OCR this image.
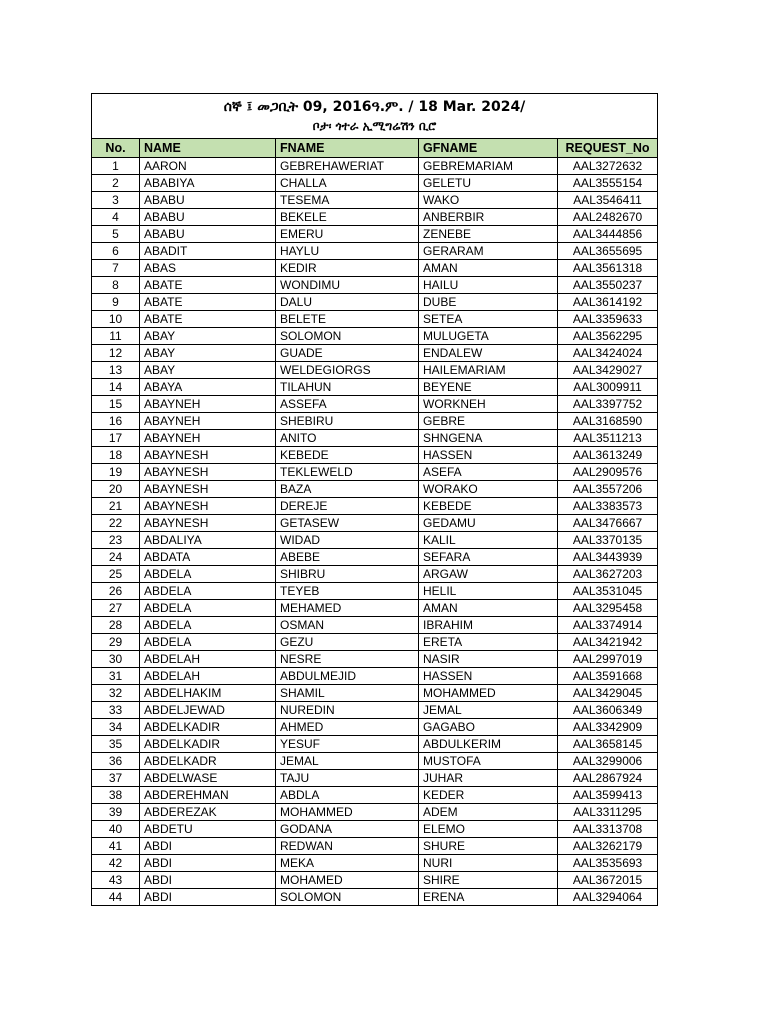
ሰኞ ፤ መጋቢት 09, 2016ዓ.ም. / 18 Mar. 2024/
ቦታ፡ ጎተራ ኢሚግሬሽን ቢሮ				

No.	NAME	FNAME	GFNAME	REQUEST_No
1	AARON	GEBREHAWERIAT	GEBREMARIAM	AAL3272632
2	ABABIYA	CHALLA	GELETU	AAL3555154
3	ABABU	TESEMA	WAKO	AAL3546411
4	ABABU	BEKELE	ANBERBIR	AAL2482670
5	ABABU	EMERU	ZENEBE	AAL3444856
6	ABADIT	HAYLU	GERARAM	AAL3655695
7	ABAS	KEDIR	AMAN	AAL3561318
8	ABATE	WONDIMU	HAILU	AAL3550237
9	ABATE	DALU	DUBE	AAL3614192
10	ABATE	BELETE	SETEA	AAL3359633
11	ABAY	SOLOMON	MULUGETA	AAL3562295
12	ABAY	GUADE	ENDALEW	AAL3424024
13	ABAY	WELDEGIORGS	HAILEMARIAM	AAL3429027
14	ABAYA	TILAHUN	BEYENE	AAL3009911
15	ABAYNEH	ASSEFA	WORKNEH	AAL3397752
16	ABAYNEH	SHEBIRU	GEBRE	AAL3168590
17	ABAYNEH	ANITO	SHNGENA	AAL3511213
18	ABAYNESH	KEBEDE	HASSEN	AAL3613249
19	ABAYNESH	TEKLEWELD	ASEFA	AAL2909576
20	ABAYNESH	BAZA	WORAKO	AAL3557206
21	ABAYNESH	DEREJE	KEBEDE	AAL3383573
22	ABAYNESH	GETASEW	GEDAMU	AAL3476667
23	ABDALIYA	WIDAD	KALIL	AAL3370135
24	ABDATA	ABEBE	SEFARA	AAL3443939
25	ABDELA	SHIBRU	ARGAW	AAL3627203
26	ABDELA	TEYEB	HELIL	AAL3531045
27	ABDELA	MEHAMED	AMAN	AAL3295458
28	ABDELA	OSMAN	IBRAHIM	AAL3374914
29	ABDELA	GEZU	ERETA	AAL3421942
30	ABDELAH	NESRE	NASIR	AAL2997019
31	ABDELAH	ABDULMEJID	HASSEN	AAL3591668
32	ABDELHAKIM	SHAMIL	MOHAMMED	AAL3429045
33	ABDELJEWAD	NUREDIN	JEMAL	AAL3606349
34	ABDELKADIR	AHMED	GAGABO	AAL3342909
35	ABDELKADIR	YESUF	ABDULKERIM	AAL3658145
36	ABDELKADR	JEMAL	MUSTOFA	AAL3299006
37	ABDELWASE	TAJU	JUHAR	AAL2867924
38	ABDEREHMAN	ABDLA	KEDER	AAL3599413
39	ABDEREZAK	MOHAMMED	ADEM	AAL3311295
40	ABDETU	GODANA	ELEMO	AAL3313708
41	ABDI	REDWAN	SHURE	AAL3262179
42	ABDI	MEKA	NURI	AAL3535693
43	ABDI	MOHAMED	SHIRE	AAL3672015
44	ABDI	SOLOMON	ERENA	AAL3294064
